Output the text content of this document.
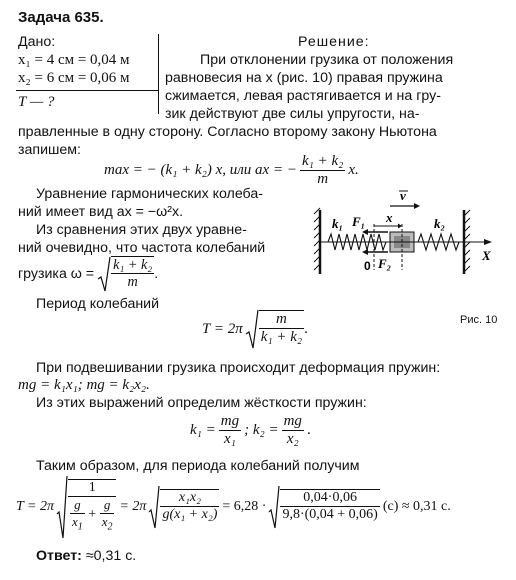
Задача 635.
Дано:
x₁ = 4 см = 0,04 м
x₂ = 6 см = 0,06 м
T — ?
Решение:
При отклонении грузика от положения
равновесия на x (рис. 10) правая пружина
сжимается, левая растягивается и на гру-
зик действуют две силы упругости, на-
правленные в одну сторону. Согласно второму закону Ньютона
запишем:
max = − (k₁ + k₂) x, или ax = − $\frac{\text{k₁ + k₂}}{m} x$.
Уравнение гармонических колеба-
ний имеет вид ax = −ω²x.
Из сравнения этих двух уравне-
ний очевидно, что частота колебаний
грузика $\omega = \frac{\text{k₁ + k₂}}{m}$ .
Период колебаний
$T = 2\pi \frac{m}{\text{k₁ + k₂}}$ .
При подвешивании грузика происходит деформация пружин:
mg = k₁x₁; mg = k₂x₂.
Из этих выражений определим жёсткости пружин:
$k_1 = \frac{mg}{\text{x₁}}$ ; $k_2 = \frac{mg}{\text{x₂}}$ .
Таким образом, для периода колебаний получим
$T = 2\pi \frac{1}{\frac{g}{x_1} + \frac{g}{x_2}} = 2\pi \frac{\text{x₁x₂}}{\text{g(x₁ + x₂)}} = 6,28 \cdot \frac{0,04\cdot 0,06}{9,8\cdot(0,04 + 0,06)} (с) \approx 0,31$ с.
Ответ: ≈0,31 с.
v
k₁	k₂
F₁
F₂
x
0
X
Рис. 10
